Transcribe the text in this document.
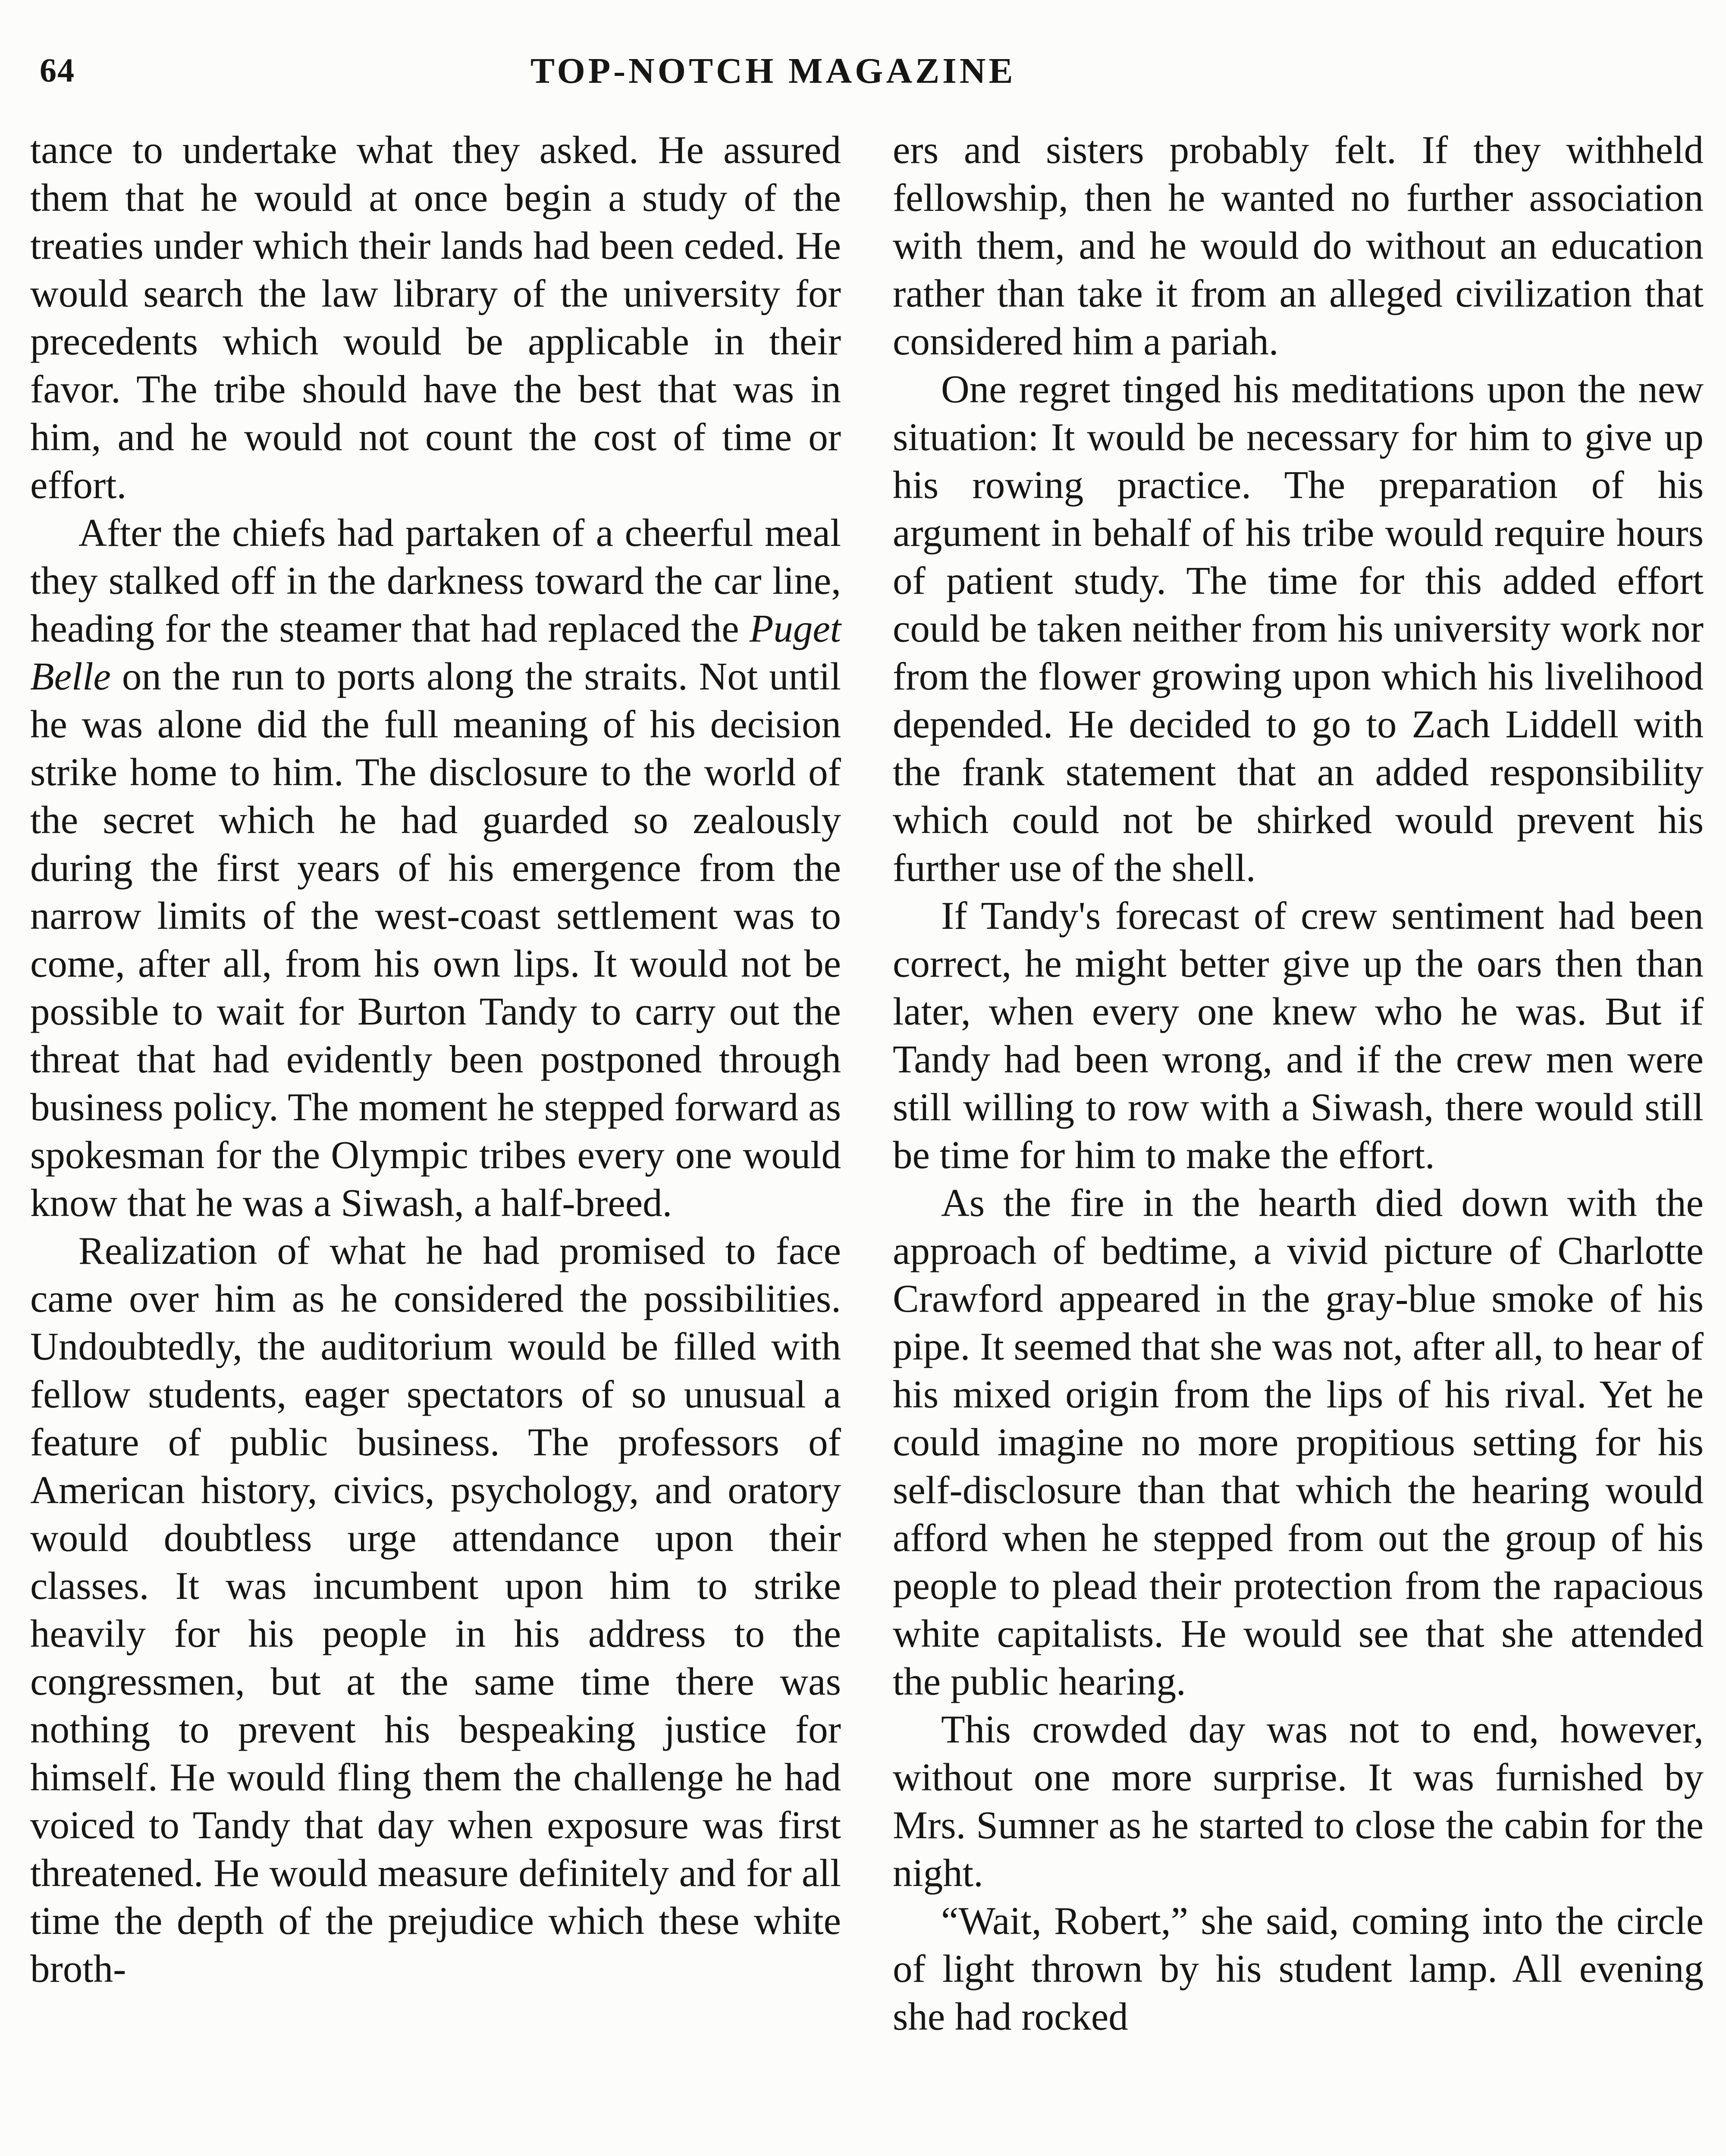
64	TOP-NOTCH MAGAZINE

tance to undertake what they asked. He assured them that he would at once begin a study of the treaties under which their lands had been ceded. He would search the law library of the university for precedents which would be applicable in their favor. The tribe should have the best that was in him, and he would not count the cost of time or effort.

After the chiefs had partaken of a cheerful meal they stalked off in the darkness toward the car line, heading for the steamer that had replaced the Puget Belle on the run to ports along the straits. Not until he was alone did the full meaning of his decision strike home to him. The disclosure to the world of the secret which he had guarded so zealously during the first years of his emergence from the narrow limits of the west-coast settlement was to come, after all, from his own lips. It would not be possible to wait for Burton Tandy to carry out the threat that had evidently been postponed through business policy. The moment he stepped forward as spokesman for the Olympic tribes every one would know that he was a Siwash, a half-breed.

Realization of what he had promised to face came over him as he considered the possibilities. Undoubtedly, the auditorium would be filled with fellow students, eager spectators of so unusual a feature of public business. The professors of American history, civics, psychology, and oratory would doubtless urge attendance upon their classes. It was incumbent upon him to strike heavily for his people in his address to the congressmen, but at the same time there was nothing to prevent his bespeaking justice for himself. He would fling them the challenge he had voiced to Tandy that day when exposure was first threatened. He would measure definitely and for all time the depth of the prejudice which these white broth-

ers and sisters probably felt. If they withheld fellowship, then he wanted no further association with them, and he would do without an education rather than take it from an alleged civilization that considered him a pariah.

One regret tinged his meditations upon the new situation: It would be necessary for him to give up his rowing practice. The preparation of his argument in behalf of his tribe would require hours of patient study. The time for this added effort could be taken neither from his university work nor from the flower growing upon which his livelihood depended. He decided to go to Zach Liddell with the frank statement that an added responsibility which could not be shirked would prevent his further use of the shell.

If Tandy's forecast of crew sentiment had been correct, he might better give up the oars then than later, when every one knew who he was. But if Tandy had been wrong, and if the crew men were still willing to row with a Siwash, there would still be time for him to make the effort.

As the fire in the hearth died down with the approach of bedtime, a vivid picture of Charlotte Crawford appeared in the gray-blue smoke of his pipe. It seemed that she was not, after all, to hear of his mixed origin from the lips of his rival. Yet he could imagine no more propitious setting for his self-disclosure than that which the hearing would afford when he stepped from out the group of his people to plead their protection from the rapacious white capitalists. He would see that she attended the public hearing.

This crowded day was not to end, however, without one more surprise. It was furnished by Mrs. Sumner as he started to close the cabin for the night.

“Wait, Robert,” she said, coming into the circle of light thrown by his student lamp. All evening she had rocked
